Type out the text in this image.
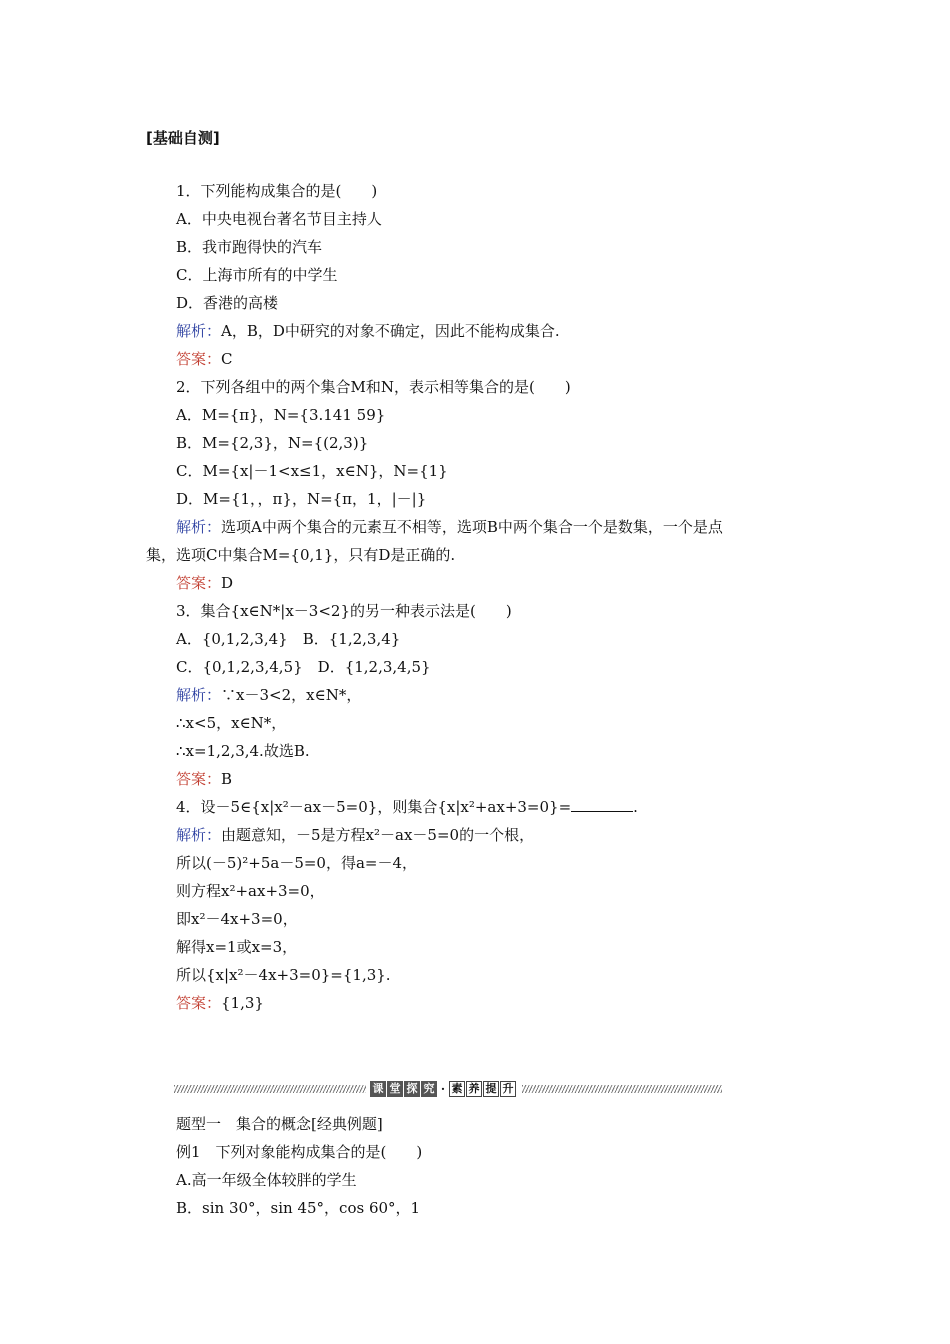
[基础自测]
1．下列能构成集合的是(　　)
A．中央电视台著名节目主持人
B．我市跑得快的汽车
C．上海市所有的中学生
D．香港的高楼
解析：A，B，D中研究的对象不确定，因此不能构成集合.
答案：C
2．下列各组中的两个集合M和N，表示相等集合的是(　　)
A．M={π}，N={3.141 59}
B．M={2,3}，N={(2,3)}
C．M={x|－1<x≤1，x∈N}，N={1}
D．M={1，，π}，N={π，1，|－|}
解析：选项A中两个集合的元素互不相等，选项B中两个集合一个是数集，一个是点
集，选项C中集合M={0,1}，只有D是正确的.
答案：D
3．集合{x∈N*|x－3<2}的另一种表示法是(　　)
A．{0,1,2,3,4}　B．{1,2,3,4}
C．{0,1,2,3,4,5}　D．{1,2,3,4,5}
解析：∵x－3<2，x∈N*，
∴x<5，x∈N*，
∴x=1,2,3,4.故选B.
答案：B
4．设－5∈{x|x²－ax－5=0}，则集合{x|x²+ax+3=0}=	.
解析：由题意知，－5是方程x²－ax－5=0的一个根，
所以(－5)²+5a－5=0，得a=－4，
则方程x²+ax+3=0，
即x²－4x+3=0，
解得x=1或x=3，
所以{x|x²－4x+3=0}={1,3}.
答案：{1,3}
课 堂 探 究 · 素 养 提 升
题型一　集合的概念[经典例题]
例1　下列对象能构成集合的是(　　)
A.高一年级全体较胖的学生
B．sin 30°，sin 45°，cos 60°，1
